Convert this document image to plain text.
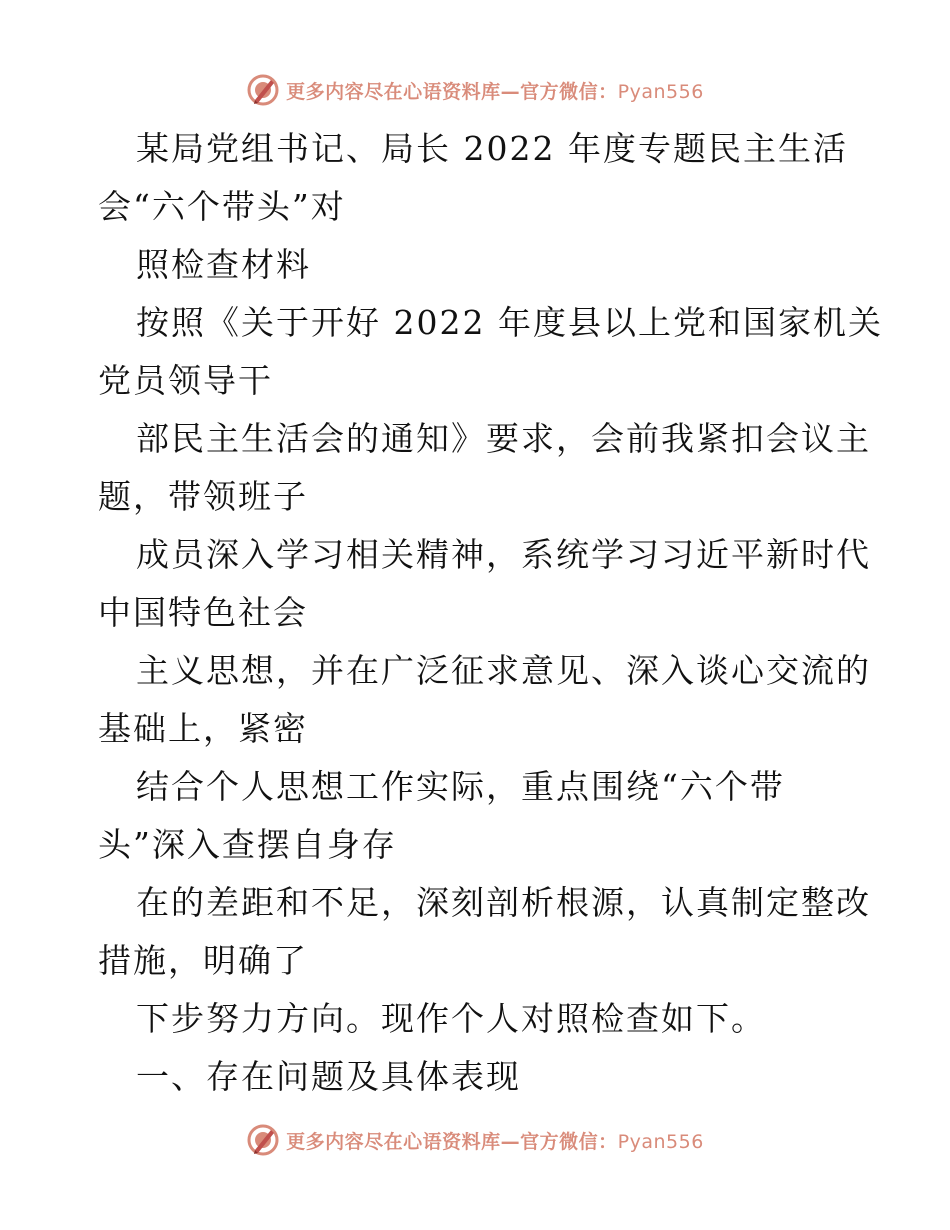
更多内容尽在心语资料库—官方微信：Pyan556

某局党组书记、局长 2022 年度专题民主生活
会“六个带头”对

照检查材料

按照《关于开好 2022 年度县以上党和国家机关
党员领导干

部民主生活会的通知》要求，会前我紧扣会议主
题，带领班子

成员深入学习相关精神，系统学习习近平新时代
中国特色社会

主义思想，并在广泛征求意见、深入谈心交流的
基础上，紧密

结合个人思想工作实际，重点围绕“六个带
头”深入查摆自身存

在的差距和不足，深刻剖析根源，认真制定整改
措施，明确了

下步努力方向。现作个人对照检查如下。

一、存在问题及具体表现

更多内容尽在心语资料库—官方微信：Pyan556
